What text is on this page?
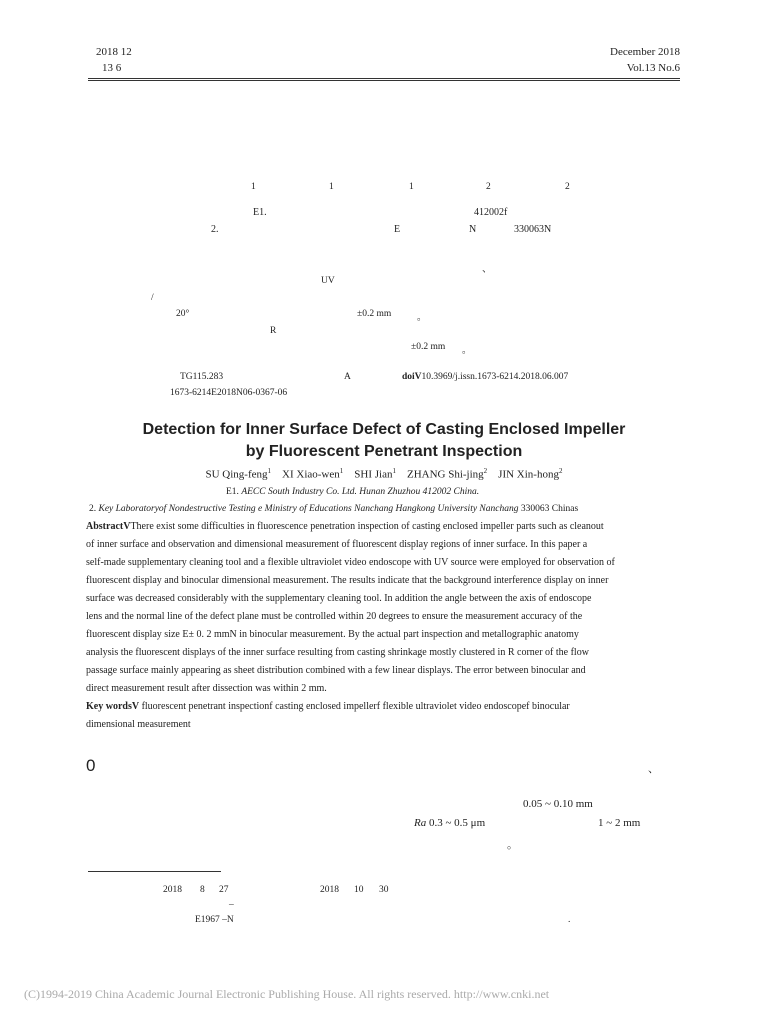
2018 12
13 6
December 2018
Vol.13 No.6
1	1	1	2	2
E1.	412002f
2.	E	N	330063N
、
UV
/
20°	±0.2 mm	。
R
±0.2 mm 。
TG115.283	A	doiV10.3969/j.issn.1673-6214.2018.06.007
1673-6214E2018N06-0367-06
Detection for Inner Surface Defect of Casting Enclosed Impeller
by Fluorescent Penetrant Inspection
SU Qing-feng$^1$ XI Xiao-wen$^1$ SHI Jian$^1$ ZHANG Shi-jing$^2$ JIN Xin-hong$^2$
E1. AECC South Industry Co. Ltd. Hunan Zhuzhou 412002 China.
2. Key Laboratoryof Nondestructive Testing e Ministry of Educations Nanchang Hangkong University Nanchang 330063 Chinas

AbstractVThere exist some difficulties in fluorescence penetration inspection of casting enclosed impeller parts such as cleanout

of inner surface and observation and dimensional measurement of fluorescent display regions of inner surface. In this paper a

self-made supplementary cleaning tool and a flexible ultraviolet video endoscope with UV source were employed for observation of

fluorescent display and binocular dimensional measurement. The results indicate that the background interference display on inner

surface was decreased considerably with the supplementary cleaning tool. In addition the angle between the axis of endoscope

lens and the normal line of the defect plane must be controlled within 20 degrees to ensure the measurement accuracy of the

fluorescent display size E± 0. 2 mmN in binocular measurement. By the actual part inspection and metallographic anatomy

analysis the fluorescent displays of the inner surface resulting from casting shrinkage mostly clustered in R corner of the flow

passage surface mainly appearing as sheet distribution combined with a few linear displays. The error between binocular and

direct measurement result after dissection was within 2 mm.

Key wordsV fluorescent penetrant inspectionf casting enclosed impellerf flexible ultraviolet video endoscopef binocular

dimensional measurement

0	、
0.05 ~ 0.10 mm
Ra 0.3 ~ 0.5 μm	1 ~ 2 mm
。
2018 8 27	2018 10 30
–
E1967 –N	.
(C)1994-2019 China Academic Journal Electronic Publishing House. All rights reserved. http://www.cnki.net
